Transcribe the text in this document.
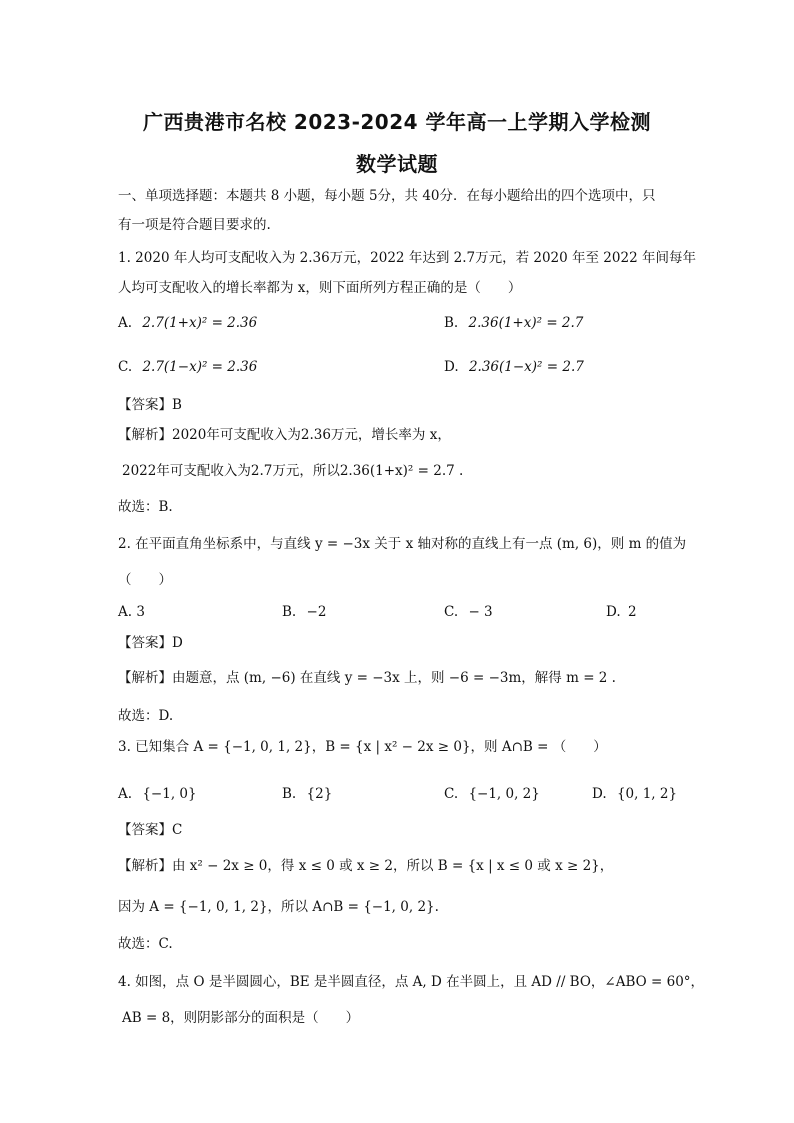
广西贵港市名校 2023-2024 学年高一上学期入学检测
数学试题
一、单项选择题：本题共 8 小题，每小题 5分，共 40分．在每小题给出的四个选项中，只
有一项是符合题目要求的.
1. 2020 年人均可支配收入为 2.36万元，2022 年达到 2.7万元，若 2020 年至 2022 年间每年
人均可支配收入的增长率都为 x，则下面所列方程正确的是（　　）
A. 2.7(1+x)² = 2.36	B. 2.36(1+x)² = 2.7
C. 2.7(1−x)² = 2.36	D. 2.36(1−x)² = 2.7
【答案】B
【解析】2020年可支配收入为2.36万元，增长率为 x，
2022年可支配收入为2.7万元，所以2.36(1+x)² = 2.7 .
故选：B.
2. 在平面直角坐标系中，与直线 y = −3x 关于 x 轴对称的直线上有一点 (m, 6)，则 m 的值为
（　　）
A. 3	B. −2	C. − 3	D. 2
【答案】D
【解析】由题意，点 (m, −6) 在直线 y = −3x 上，则 −6 = −3m，解得 m = 2 .
故选：D.
3. 已知集合 A = {−1, 0, 1, 2}，B = {x | x² − 2x ≥ 0}，则 A∩B = （　　）
A. {−1, 0}	B. {2}	C. {−1, 0, 2}	D. {0, 1, 2}
【答案】C
【解析】由 x² − 2x ≥ 0，得 x ≤ 0 或 x ≥ 2，所以 B = {x | x ≤ 0 或 x ≥ 2}，
因为 A = {−1, 0, 1, 2}，所以 A∩B = {−1, 0, 2}.
故选：C.
4. 如图，点 O 是半圆圆心，BE 是半圆直径，点 A, D 在半圆上，且 AD // BO，∠ABO = 60°，
AB = 8，则阴影部分的面积是（　　）
